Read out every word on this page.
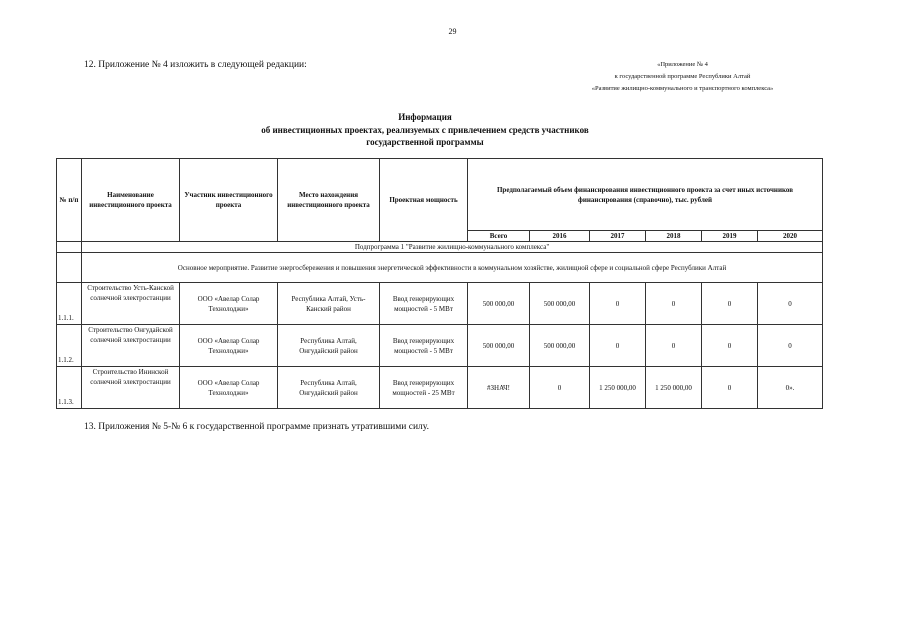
29
12. Приложение № 4 изложить в следующей редакции:	«Приложение № 4
к государственной программе Республики Алтай
«Развитие жилищно-коммунального и транспортного комплекса»
Информация
об инвестиционных проектах, реализуемых с привлечением средств участников
государственной программы
№ п/п	Наименование инвестиционного проекта	Участник инвестиционного проекта	Место нахождения инвестиционного проекта	Проектная мощность	Предполагаемый объем финансирования инвестиционного проекта за счет иных источников финансирования (справочно), тыс. рублей					
					Всего	2016	2017	2018	2019	2020
	Подпрограмма 1 "Развитие жилищно-коммунального комплекса"									
	Основное мероприятие. Развитие энергосбережения и повышения энергетической эффективности в коммунальном хозяйстве, жилищной сфере и социальной сфере Республики Алтай									
1.1.1.	Строительство Усть-Канской солнечной электростанции	ООО «Авелар Солар Технолоджи»	Республика Алтай, Усть-Канский район	Ввод генерирующих мощностей - 5 МВт	500 000,00	500 000,00	0	0	0	0
1.1.2.	Строительство Онгудайской солнечной электростанции	ООО «Авелар Солар Технолоджи»	Республика Алтай, Онгудайский район	Ввод генерирующих мощностей - 5 МВт	500 000,00	500 000,00	0	0	0	0
1.1.3.	Строительство Ининской солнечной электростанции	ООО «Авелар Солар Технолоджи»	Республика Алтай, Онгудайский район	Ввод генерирующих мощностей - 25 МВт	#ЗНАЧ!	0	1 250 000,00	1 250 000,00	0	0».
13. Приложения № 5-№ 6 к государственной программе признать утратившими силу.
